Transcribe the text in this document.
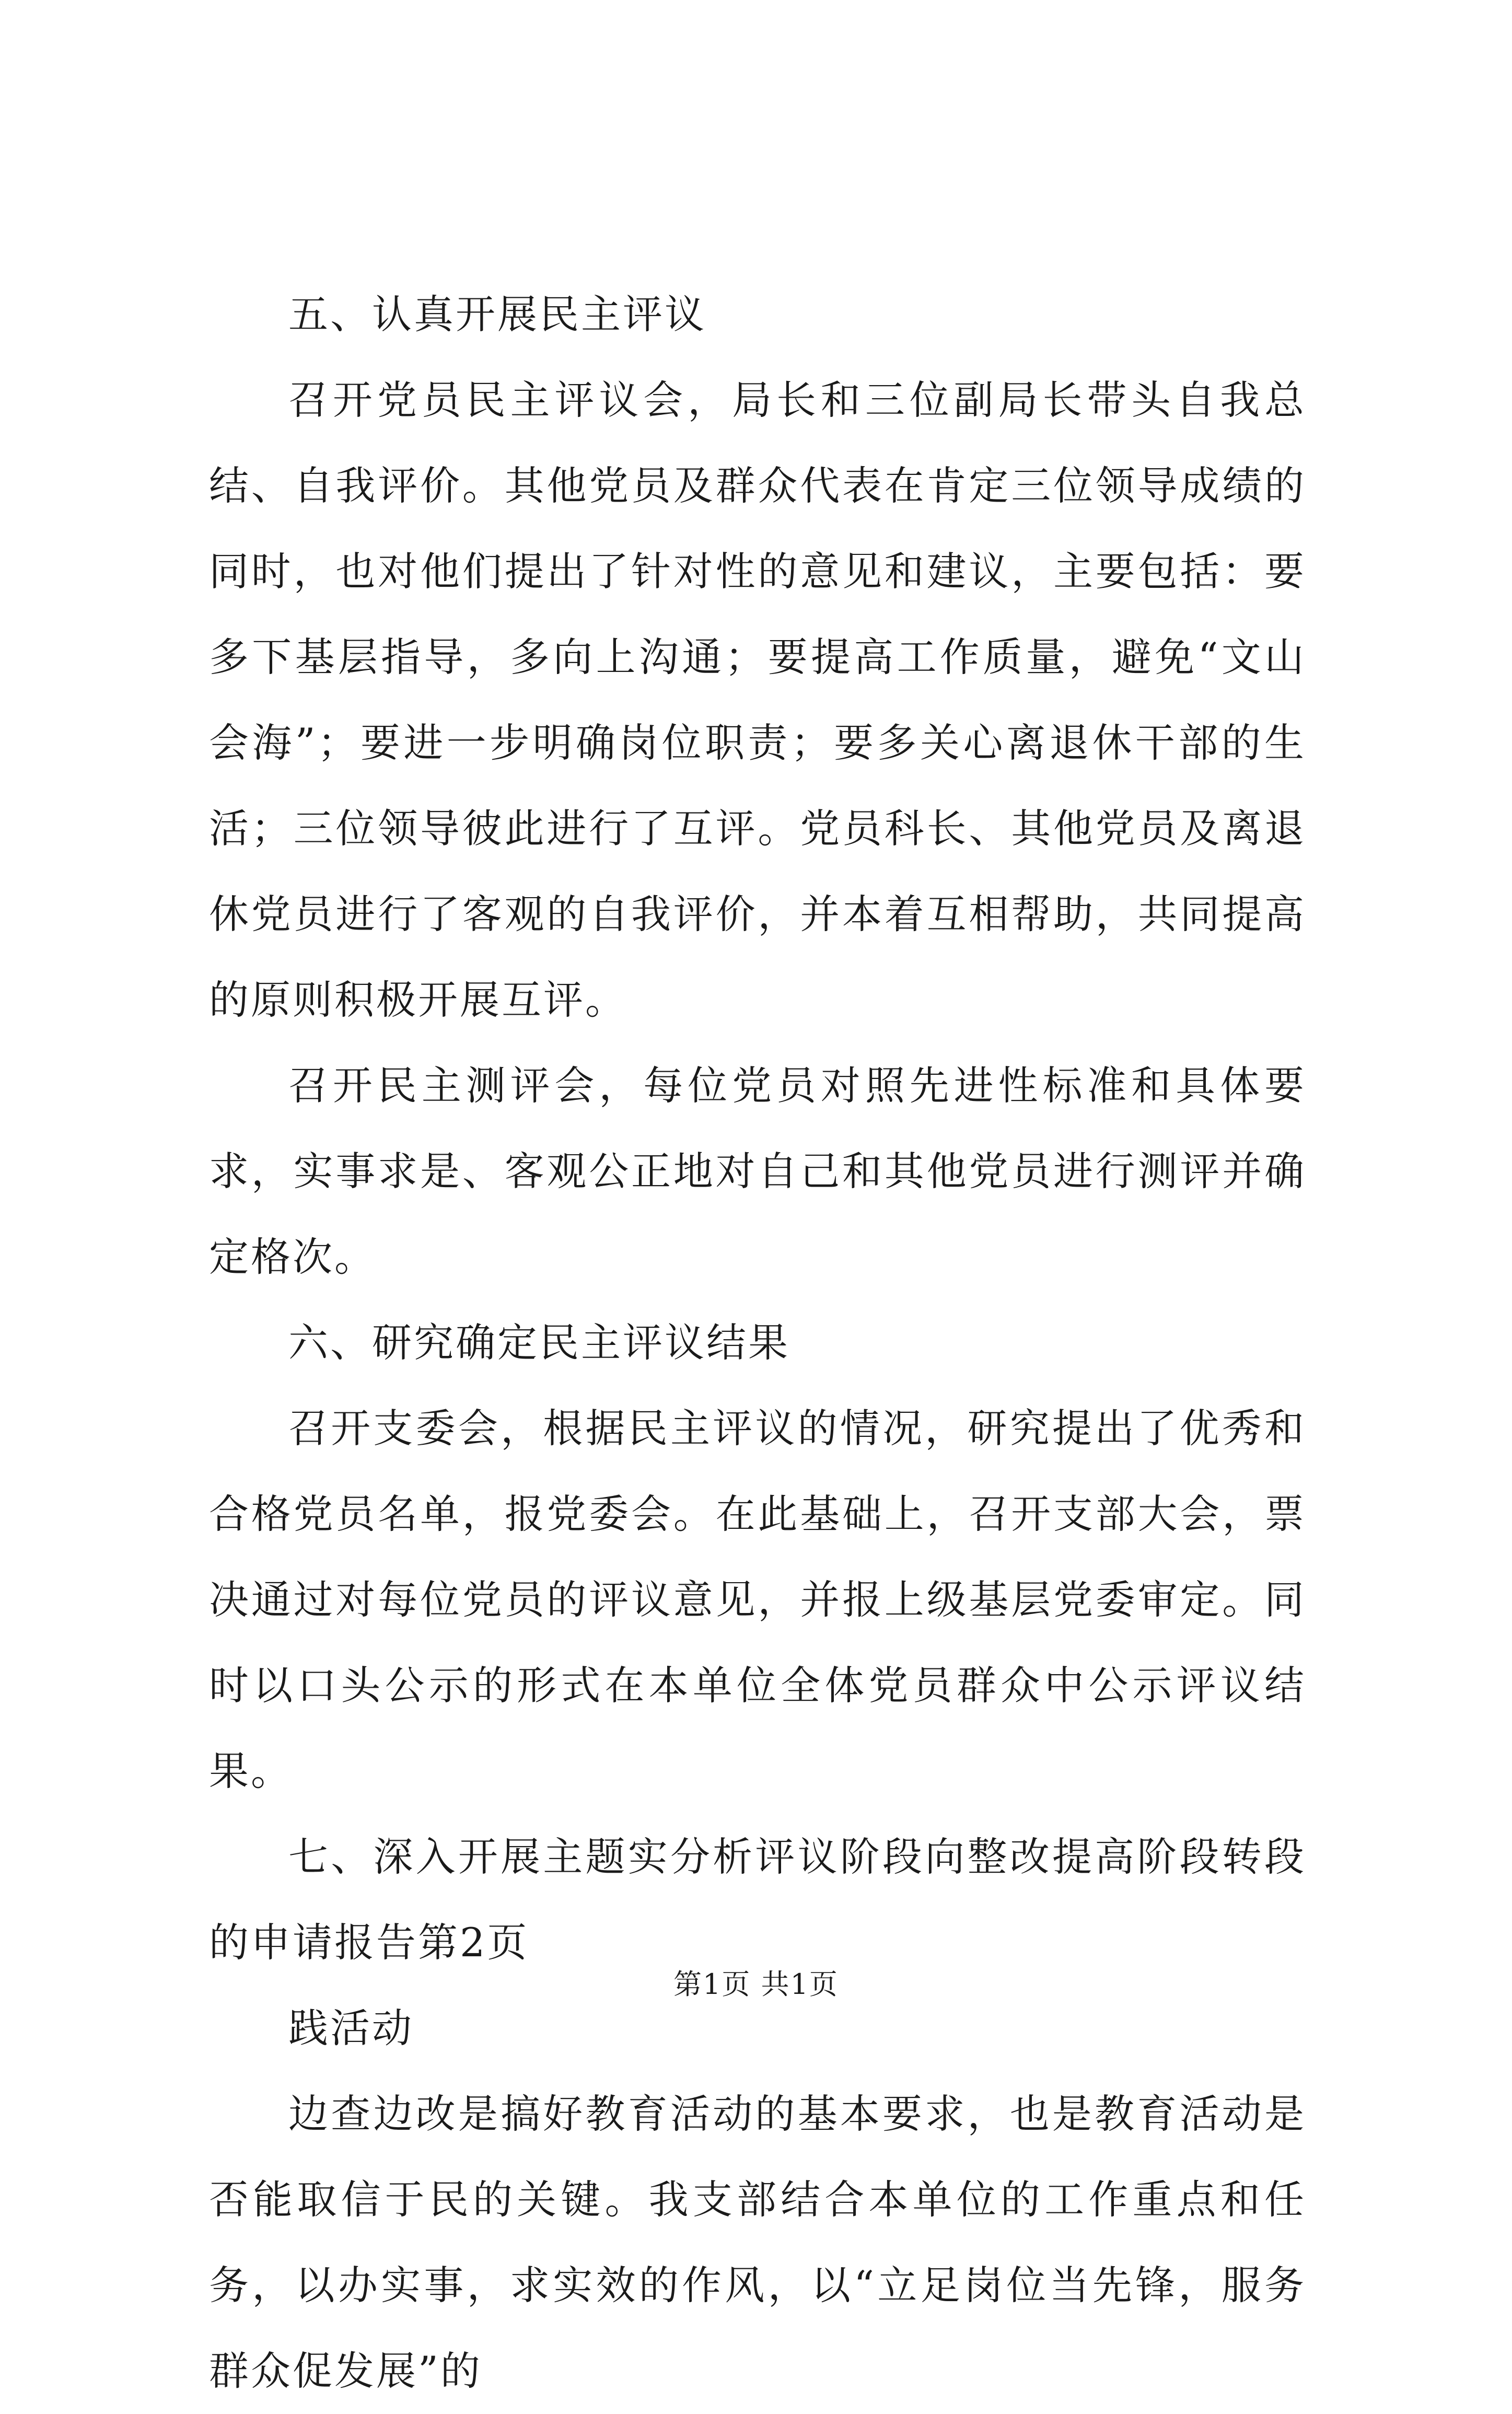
五、认真开展民主评议

召开党员民主评议会，局长和三位副局长带头自我总结、自我评价。其他党员及群众代表在肯定三位领导成绩的同时，也对他们提出了针对性的意见和建议，主要包括：要多下基层指导，多向上沟通；要提高工作质量，避免“文山会海”；要进一步明确岗位职责；要多关心离退休干部的生活；三位领导彼此进行了互评。党员科长、其他党员及离退休党员进行了客观的自我评价，并本着互相帮助，共同提高的原则积极开展互评。

召开民主测评会，每位党员对照先进性标准和具体要求，实事求是、客观公正地对自己和其他党员进行测评并确定格次。

六、研究确定民主评议结果

召开支委会，根据民主评议的情况，研究提出了优秀和合格党员名单，报党委会。在此基础上，召开支部大会，票决通过对每位党员的评议意见，并报上级基层党委审定。同时以口头公示的形式在本单位全体党员群众中公示评议结果。

七、深入开展主题实分析评议阶段向整改提高阶段转段的申请报告第2页

践活动

边查边改是搞好教育活动的基本要求，也是教育活动是否能取信于民的关键。我支部结合本单位的工作重点和任务，以办实事，求实效的作风，以“立足岗位当先锋，服务群众促发展”的

第1页 共1页
